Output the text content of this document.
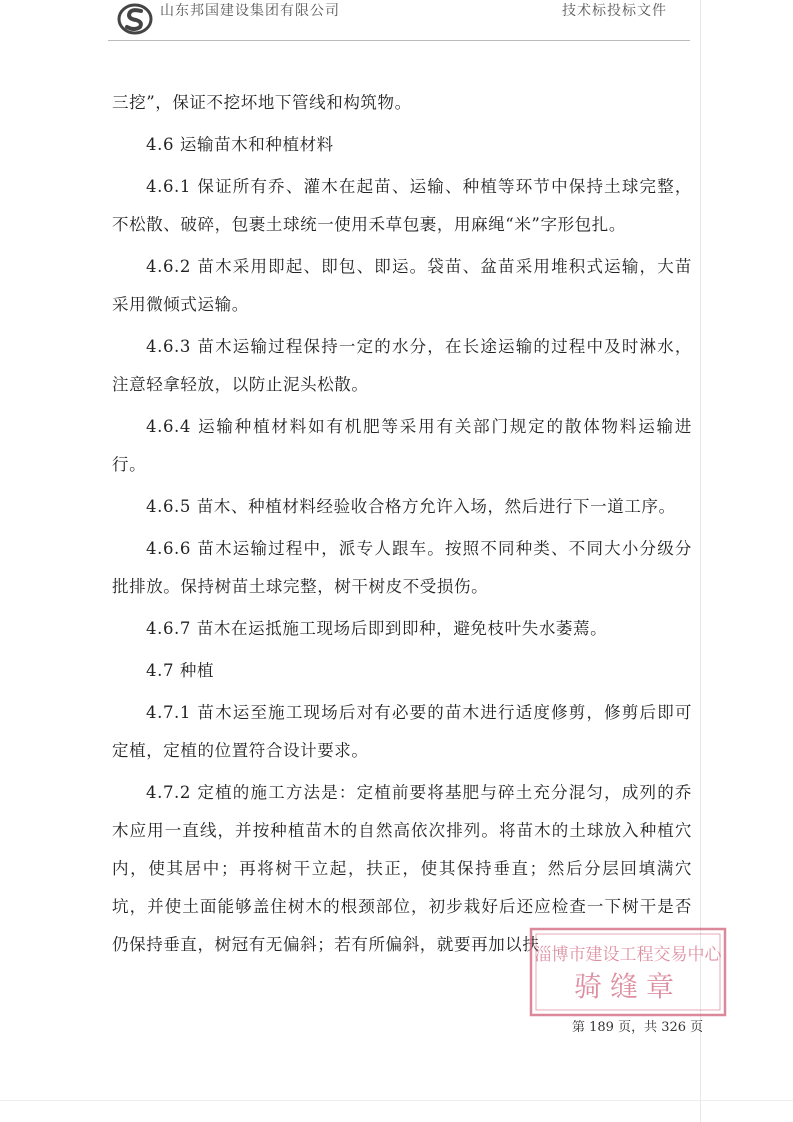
山东邦国建设集团有限公司	技术标投标文件

三挖”，保证不挖坏地下管线和构筑物。

4.6 运输苗木和种植材料

4.6.1 保证所有乔、灌木在起苗、运输、种植等环节中保持土球完整，不松散、破碎，包裹土球统一使用禾草包裹，用麻绳“米”字形包扎。

4.6.2 苗木采用即起、即包、即运。袋苗、盆苗采用堆积式运输，大苗采用微倾式运输。

4.6.3 苗木运输过程保持一定的水分，在长途运输的过程中及时淋水，注意轻拿轻放，以防止泥头松散。

4.6.4 运输种植材料如有机肥等采用有关部门规定的散体物料运输进行。

4.6.5 苗木、种植材料经验收合格方允许入场，然后进行下一道工序。

4.6.6 苗木运输过程中，派专人跟车。按照不同种类、不同大小分级分批排放。保持树苗土球完整，树干树皮不受损伤。

4.6.7 苗木在运抵施工现场后即到即种，避免枝叶失水萎蔫。

4.7 种植

4.7.1 苗木运至施工现场后对有必要的苗木进行适度修剪，修剪后即可定植，定植的位置符合设计要求。

4.7.2 定植的施工方法是：定植前要将基肥与碎土充分混匀，成列的乔木应用一直线，并按种植苗木的自然高依次排列。将苗木的土球放入种植穴内，使其居中；再将树干立起，扶正，使其保持垂直；然后分层回填满穴坑，并使土面能够盖住树木的根颈部位，初步栽好后还应检查一下树干是否仍保持垂直，树冠有无偏斜；若有所偏斜，就要再加以扶

淄博市建设工程交易中心
骑缝章
第 189 页，共 326 页
